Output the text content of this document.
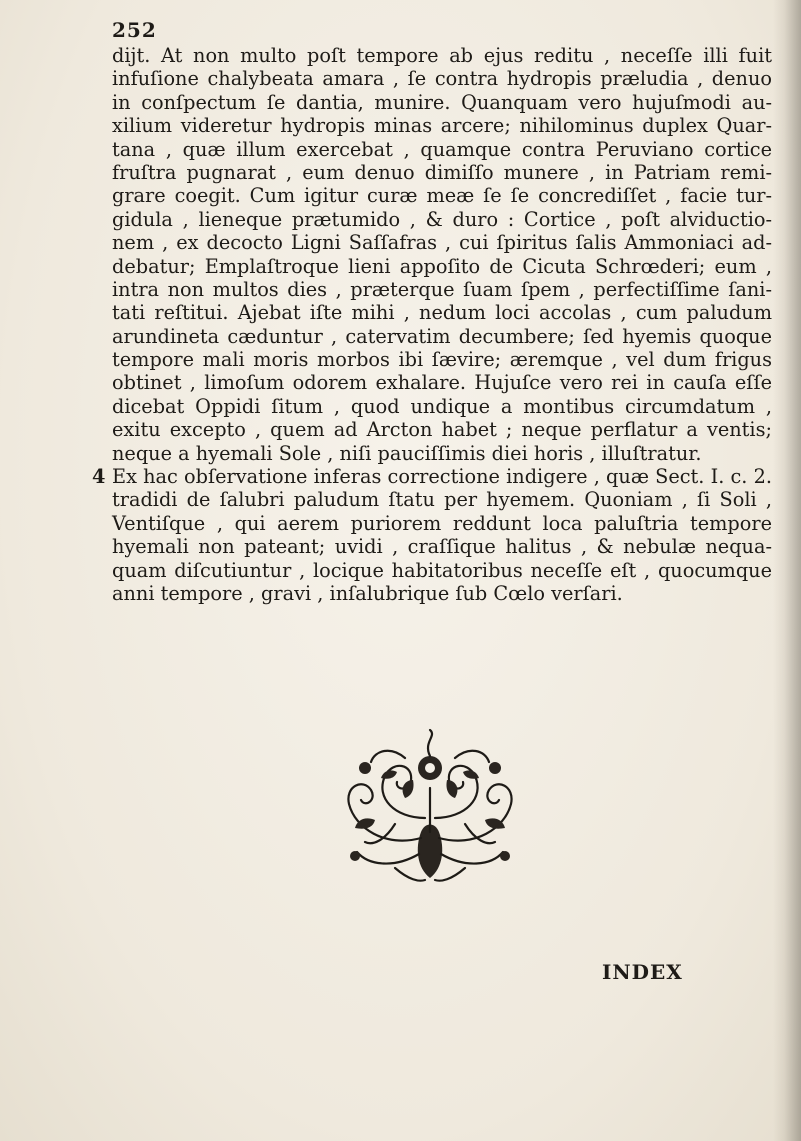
252
dijt. At non multo poſt tempore ab ejus reditu , neceſſe illi fuit
infuſione chalybeata amara , ſe contra hydropis præludia , denuo
in conſpectum ſe dantia, munire. Quanquam vero hujuſmodi au-
xilium videretur hydropis minas arcere; nihilominus duplex Quar-
tana , quæ illum exercebat , quamque contra Peruviano cortice
fruſtra pugnarat , eum denuo dimiſſo munere , in Patriam remi-
grare coegit. Cum igitur curæ meæ ſe ſe concrediſſet , facie tur-
gidula , lieneque prætumido , & duro : Cortice , poſt alviductio-
nem , ex decocto Ligni Saſſafras , cui ſpiritus ſalis Ammoniaci ad-
debatur; Emplaſtroque lieni appoſito de Cicuta Schrœderi; eum ,
intra non multos dies , præterque ſuam ſpem , perfectiſſime ſani-
tati reſtitui. Ajebat iſte mihi , nedum loci accolas , cum paludum
arundineta cæduntur , catervatim decumbere; ſed hyemis quoque
tempore mali moris morbos ibi ſævire; æremque , vel dum frigus
obtinet , limoſum odorem exhalare. Hujuſce vero rei in cauſa eſſe
dicebat Oppidi ſitum , quod undique a montibus circumdatum ,
exitu excepto , quem ad Arcton habet ; neque perflatur a ventis;
neque a hyemali Sole , niſi pauciſſimis diei horis , illuſtratur.
4 Ex hac obſervatione inferas correctione indigere , quæ Sect. I. c. 2.
tradidi de ſalubri paludum ſtatu per hyemem. Quoniam , ſi Soli ,
Ventiſque , qui aerem puriorem reddunt loca paluſtria tempore
hyemali non pateant; uvidi , craſſique halitus , & nebulæ nequa-
quam diſcutiuntur , locique habitatoribus neceſſe eſt , quocumque
anni tempore , gravi , inſalubrique ſub Cœlo verſari.
INDEX
